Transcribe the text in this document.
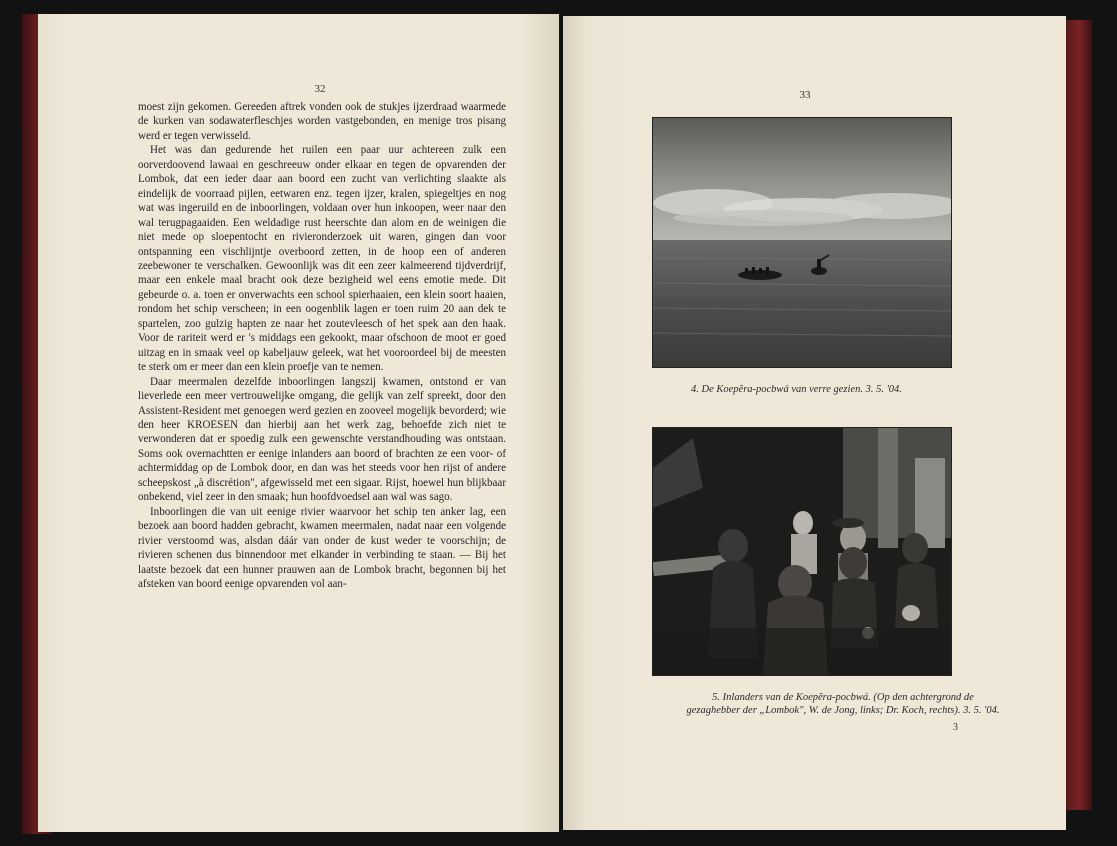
32

moest zijn gekomen. Gereeden aftrek vonden ook de stukjes ijzerdraad waarmede de kurken van sodawaterfleschjes worden vastgebonden, en menige tros pisang werd er tegen verwisseld.

Het was dan gedurende het ruilen een paar uur achtereen zulk een oorverdoovend lawaai en geschreeuw onder elkaar en tegen de opvarenden der Lombok, dat een ieder daar aan boord een zucht van verlichting slaakte als eindelijk de voorraad pijlen, eetwaren enz. tegen ijzer, kralen, spiegeltjes en nog wat was ingeruild en de inboorlingen, voldaan over hun inkoopen, weer naar den wal terugpagaaiden. Een weldadige rust heerschte dan alom en de weinigen die niet mede op sloepentocht en rivieronderzoek uit waren, gingen dan voor ontspanning een vischlijntje overboord zetten, in de hoop een of anderen zeebewoner te verschalken. Gewoonlijk was dit een zeer kalmeerend tijdverdrijf, maar een enkele maal bracht ook deze bezigheid wel eens emotie mede. Dit gebeurde o. a. toen er onverwachts een school spierhaaien, een klein soort haaien, rondom het schip verscheen; in een oogenblik lagen er toen ruim 20 aan dek te spartelen, zoo gulzig hapten ze naar het zoutevleesch of het spek aan den haak. Voor de rariteit werd er 's middags een gekookt, maar ofschoon de moot er goed uitzag en in smaak veel op kabeljauw geleek, wat het vooroordeel bij de meesten te sterk om er meer dan een klein proefje van te nemen.

Daar meermalen dezelfde inboorlingen langszij kwamen, ontstond er van lieverlede een meer vertrouwelijke omgang, die gelijk van zelf spreekt, door den Assistent-Resident met genoegen werd gezien en zooveel mogelijk bevorderd; wie den heer KROESEN dan hierbij aan het werk zag, behoefde zich niet te verwonderen dat er spoedig zulk een gewenschte verstandhouding was ontstaan. Soms ook overnachtten er eenige inlanders aan boord of brachten ze een voor- of achtermiddag op de Lombok door, en dan was het steeds voor hen rijst of andere scheepskost „à discrétion", afgewisseld met een sigaar. Rijst, hoewel hun blijkbaar onbekend, viel zeer in den smaak; hun hoofdvoedsel aan wal was sago.

Inboorlingen die van uit eenige rivier waarvoor het schip ten anker lag, een bezoek aan boord hadden gebracht, kwamen meermalen, nadat naar een volgende rivier verstoomd was, alsdan dáár van onder de kust weder te voorschijn; de rivieren schenen dus binnendoor met elkander in verbinding te staan. — Bij het laatste bezoek dat een hunner prauwen aan de Lombok bracht, begonnen bij het afsteken van boord eenige opvarenden vol aan-

33
4. De Koepĕra-pocbwá van verre gezien. 3. 5. '04.
5. Inlanders van de Koepĕra-pocbwá. (Op den achtergrond de
gezaghebber der „Lombok", W. de Jong, links; Dr. Koch, rechts). 3. 5. '04.
3
